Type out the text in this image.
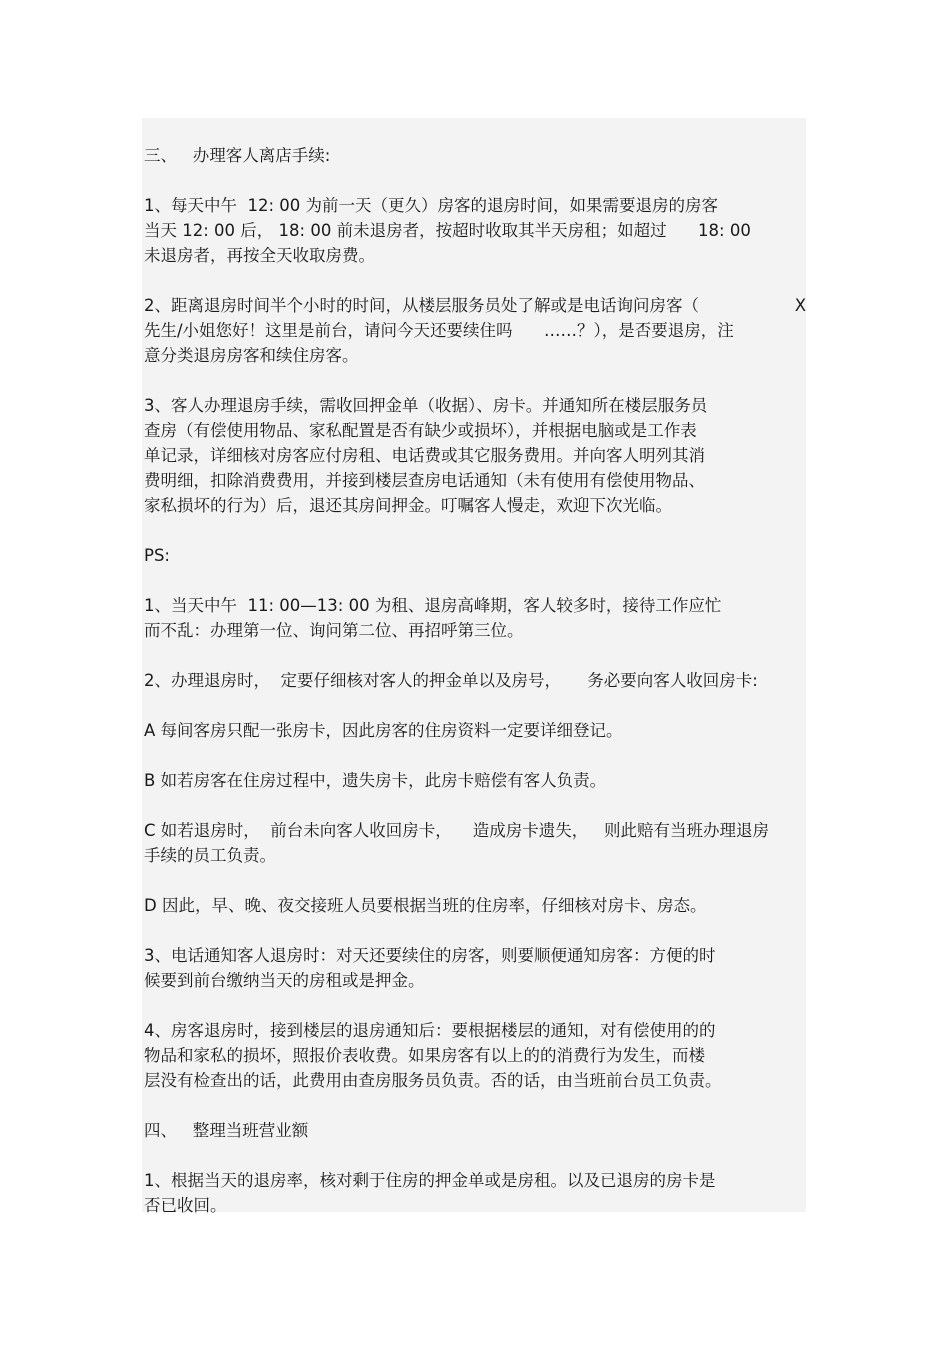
三、   办理客人离店手续:
1、每天中午  12: 00 为前一天（更久）房客的退房时间，如果需要退房的房客
当天 12: 00 后， 18: 00 前未退房者，按超时收取其半天房租；如超过      18: 00
未退房者，再按全天收取房费。
2、距离退房时间半个小时的时间，从楼层服务员处了解或是电话询问房客（	X
先生/小姐您好！这里是前台，请问今天还要续住吗      ……？），是否要退房，注
意分类退房房客和续住房客。
3、客人办理退房手续，需收回押金单（收据）、房卡。并通知所在楼层服务员
查房（有偿使用物品、家私配置是否有缺少或损坏），并根据电脑或是工作表
单记录，详细核对房客应付房租、电话费或其它服务费用。并向客人明列其消
费明细，扣除消费费用，并接到楼层查房电话通知（未有使用有偿使用物品、
家私损坏的行为）后，退还其房间押金。叮嘱客人慢走，欢迎下次光临。
PS:
1、当天中午  11: 00—13: 00 为租、退房高峰期，客人较多时，接待工作应忙
而不乱：办理第一位、询问第二位、再招呼第三位。
2、办理退房时，  定要仔细核对客人的押金单以及房号，     务必要向客人收回房卡:
A 每间客房只配一张房卡，因此房客的住房资料一定要详细登记。
B 如若房客在住房过程中，遗失房卡，此房卡赔偿有客人负责。
C 如若退房时，  前台未向客人收回房卡，    造成房卡遗失，   则此赔有当班办理退房
手续的员工负责。
D 因此，早、晚、夜交接班人员要根据当班的住房率，仔细核对房卡、房态。
3、电话通知客人退房时：对天还要续住的房客，则要顺便通知房客：方便的时
候要到前台缴纳当天的房租或是押金。
4、房客退房时，接到楼层的退房通知后：要根据楼层的通知，对有偿使用的的
物品和家私的损坏，照报价表收费。如果房客有以上的的消费行为发生，而楼
层没有检查出的话，此费用由查房服务员负责。否的话，由当班前台员工负责。
四、   整理当班营业额
1、根据当天的退房率，核对剩于住房的押金单或是房租。以及已退房的房卡是
否已收回。
